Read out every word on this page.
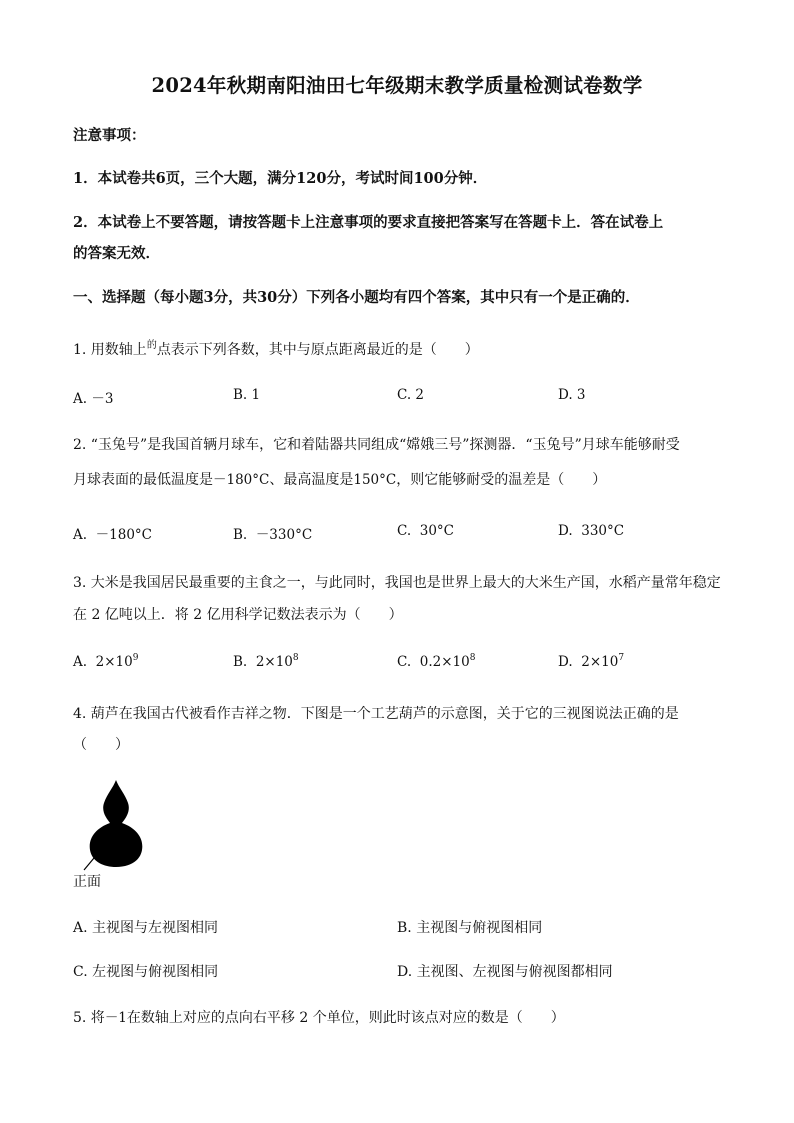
2024年秋期南阳油田七年级期末教学质量检测试卷数学
注意事项：
1．本试卷共6页，三个大题，满分120分，考试时间100分钟．
2．本试卷上不要答题，请按答题卡上注意事项的要求直接把答案写在答题卡上．答在试卷上
的答案无效．
一、选择题（每小题3分，共30分）下列各小题均有四个答案，其中只有一个是正确的．
1. 用数轴上$^的$点表示下列各数，其中与原点距离最近的是（　　）
A. －3	B. 1	C. 2	D. 3
2. “玉兔号”是我国首辆月球车，它和着陆器共同组成“嫦娥三号”探测器．“玉兔号”月球车能够耐受
月球表面的最低温度是－180°C、最高温度是150°C，则它能够耐受的温差是（　　）
A. －180°C	B. －330°C	C. 30°C	D. 330°C
3. 大米是我国居民最重要的主食之一，与此同时，我国也是世界上最大的大米生产国，水稻产量常年稳定
在 2 亿吨以上．将 2 亿用科学记数法表示为（　　）
A. $2\times 10^9$	B. $2\times 10^8$	C. $0.2\times 10^8$	D. $2\times 10^7$
4. 葫芦在我国古代被看作吉祥之物．下图是一个工艺葫芦的示意图，关于它的三视图说法正确的是
（　　）
正面
A. 主视图与左视图相同	B. 主视图与俯视图相同
C. 左视图与俯视图相同	D. 主视图、左视图与俯视图都相同
5. 将－1在数轴上对应的点向右平移 2 个单位，则此时该点对应的数是（　　）
